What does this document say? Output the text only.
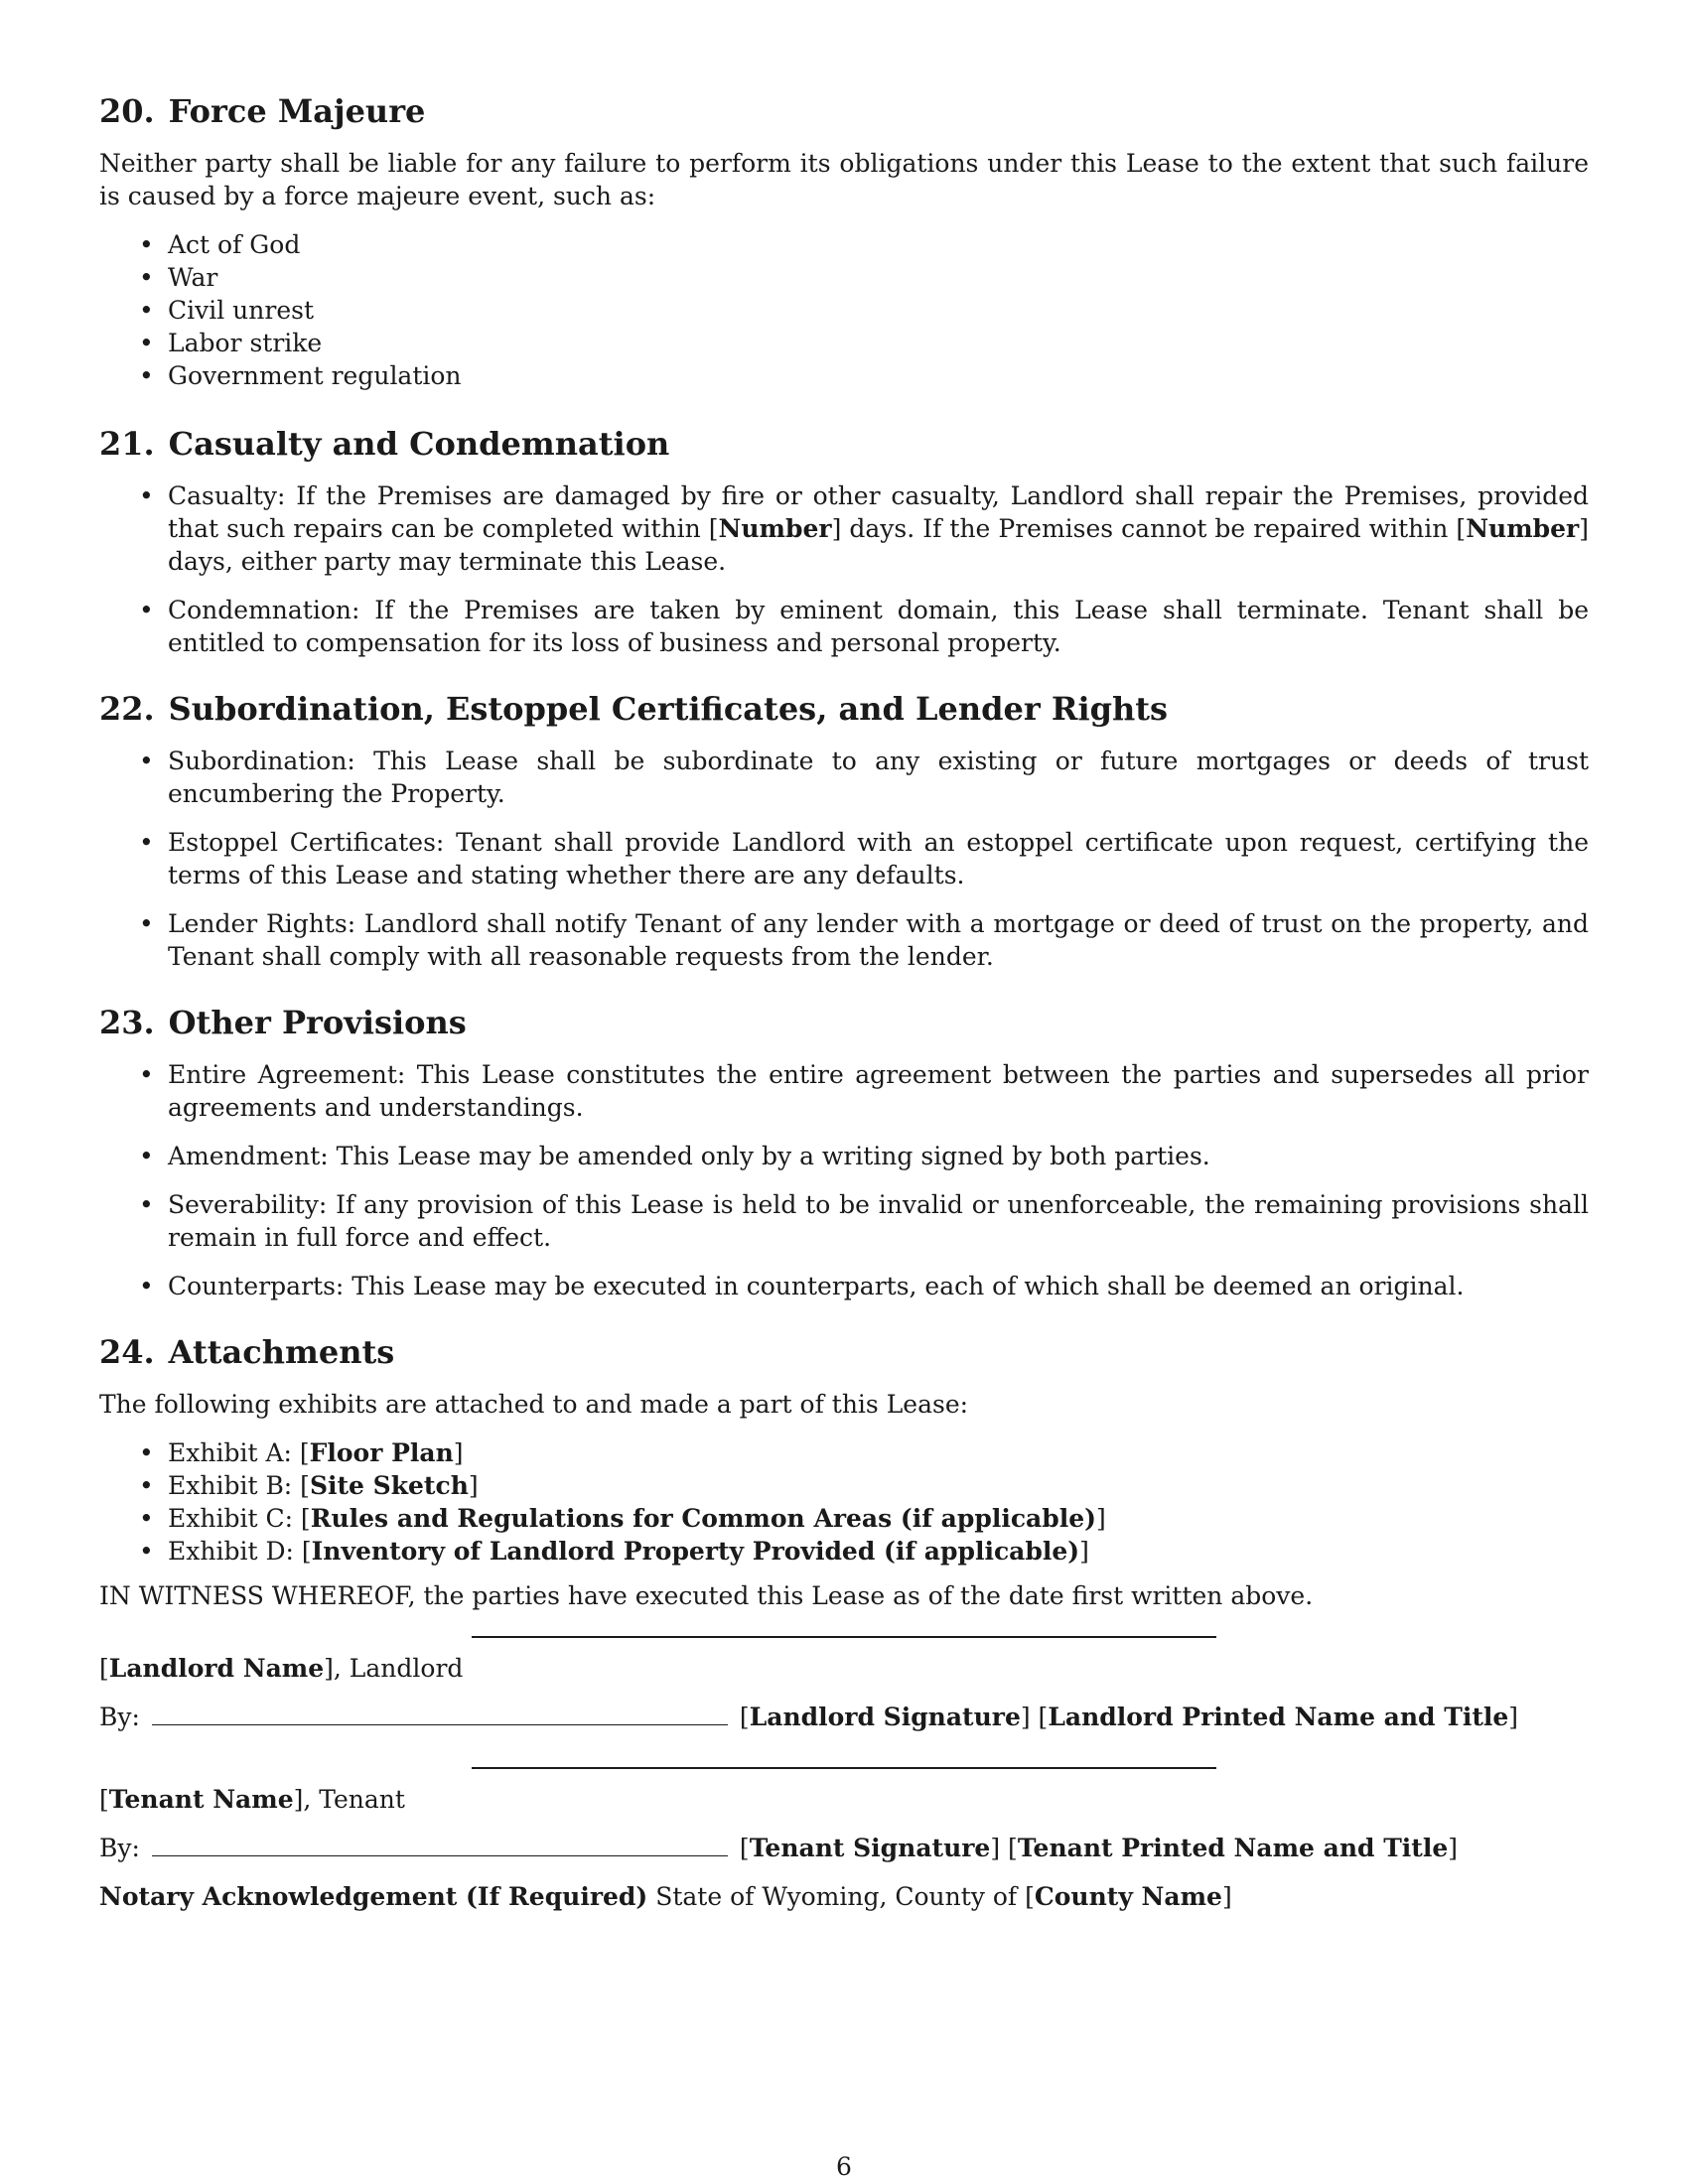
20. Force Majeure

Neither party shall be liable for any failure to perform its obligations under this Lease to the extent that such failure is caused by a force majeure event, such as:

• Act of God
• War
• Civil unrest
• Labor strike
• Government regulation
21. Casualty and Condemnation
• Casualty: If the Premises are damaged by fire or other casualty, Landlord shall repair the Premises, provided that such repairs can be completed within [Number] days. If the Premises cannot be repaired within [Number] days, either party may terminate this Lease.
• Condemnation: If the Premises are taken by eminent domain, this Lease shall terminate. Tenant shall be entitled to compensation for its loss of business and personal property.
22. Subordination, Estoppel Certificates, and Lender Rights
• Subordination: This Lease shall be subordinate to any existing or future mortgages or deeds of trust encumbering the Property.
• Estoppel Certificates: Tenant shall provide Landlord with an estoppel certificate upon request, certifying the terms of this Lease and stating whether there are any defaults.
• Lender Rights: Landlord shall notify Tenant of any lender with a mortgage or deed of trust on the property, and Tenant shall comply with all reasonable requests from the lender.
23. Other Provisions
• Entire Agreement: This Lease constitutes the entire agreement between the parties and supersedes all prior agreements and understandings.
• Amendment: This Lease may be amended only by a writing signed by both parties.
• Severability: If any provision of this Lease is held to be invalid or unenforceable, the remaining provisions shall remain in full force and effect.
• Counterparts: This Lease may be executed in counterparts, each of which shall be deemed an original.
24. Attachments

The following exhibits are attached to and made a part of this Lease:

• Exhibit A: [Floor Plan]
• Exhibit B: [Site Sketch]
• Exhibit C: [Rules and Regulations for Common Areas (if applicable)]
• Exhibit D: [Inventory of Landlord Property Provided (if applicable)]

IN WITNESS WHEREOF, the parties have executed this Lease as of the date first written above.

[Landlord Name], Landlord

By:	[Landlord Signature] [Landlord Printed Name and Title]

[Tenant Name], Tenant

By:	[Tenant Signature] [Tenant Printed Name and Title]

Notary Acknowledgement (If Required) State of Wyoming, County of [County Name]

6
